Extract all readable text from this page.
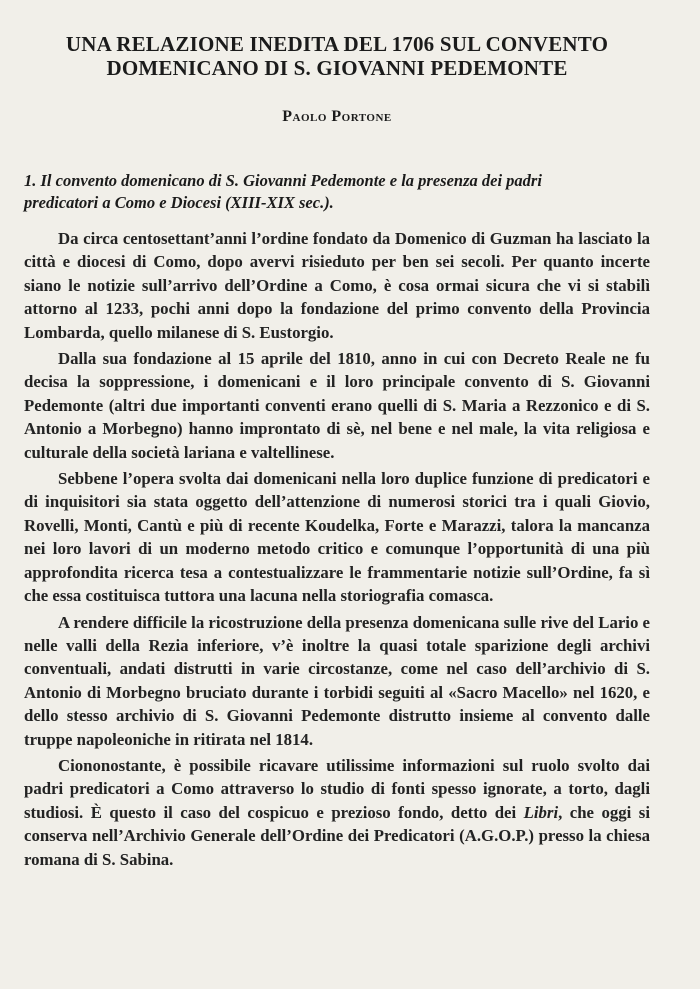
UNA RELAZIONE INEDITA DEL 1706 SUL CONVENTO
DOMENICANO DI S. GIOVANNI PEDEMONTE
Paolo Portone
1. Il convento domenicano di S. Giovanni Pedemonte e la presenza dei padri
predicatori a Como e Diocesi (XIII-XIX sec.).

Da circa centosettant’anni l’ordine fondato da Domenico di Guzman ha lasciato la città e diocesi di Como, dopo avervi risieduto per ben sei secoli. Per quanto incerte siano le notizie sull’arrivo dell’Ordine a Como, è cosa ormai sicura che vi si stabilì attorno al 1233, pochi anni dopo la fondazione del primo convento della Provincia Lombarda, quello milanese di S. Eustorgio.

Dalla sua fondazione al 15 aprile del 1810, anno in cui con Decreto Reale ne fu decisa la soppressione, i domenicani e il loro principale convento di S. Giovanni Pedemonte (altri due importanti conventi erano quelli di S. Maria a Rezzonico e di S. Antonio a Morbegno) hanno improntato di sè, nel bene e nel male, la vita religiosa e culturale della società lariana e valtellinese.

Sebbene l’opera svolta dai domenicani nella loro duplice funzione di predicatori e di inquisitori sia stata oggetto dell’attenzione di numerosi storici tra i quali Giovio, Rovelli, Monti, Cantù e più di recente Koudelka, Forte e Marazzi, talora la mancanza nei loro lavori di un moderno metodo critico e comunque l’opportunità di una più approfondita ricerca tesa a contestualizzare le frammentarie notizie sull’Ordine, fa sì che essa costituisca tuttora una lacuna nella storiografia comasca.

A rendere difficile la ricostruzione della presenza domenicana sulle rive del Lario e nelle valli della Rezia inferiore, v’è inoltre la quasi totale sparizione degli archivi conventuali, andati distrutti in varie circostanze, come nel caso dell’archivio di S. Antonio di Morbegno bruciato durante i torbidi seguiti al «Sacro Macello» nel 1620, e dello stesso archivio di S. Giovanni Pedemonte distrutto insieme al convento dalle truppe napoleoniche in ritirata nel 1814.

Ciononostante, è possibile ricavare utilissime informazioni sul ruolo svolto dai padri predicatori a Como attraverso lo studio di fonti spesso ignorate, a torto, dagli studiosi. È questo il caso del cospicuo e prezioso fondo, detto dei Libri, che oggi si conserva nell’Archivio Generale dell’Ordine dei Predicatori (A.G.O.P.) presso la chiesa romana di S. Sabina.
